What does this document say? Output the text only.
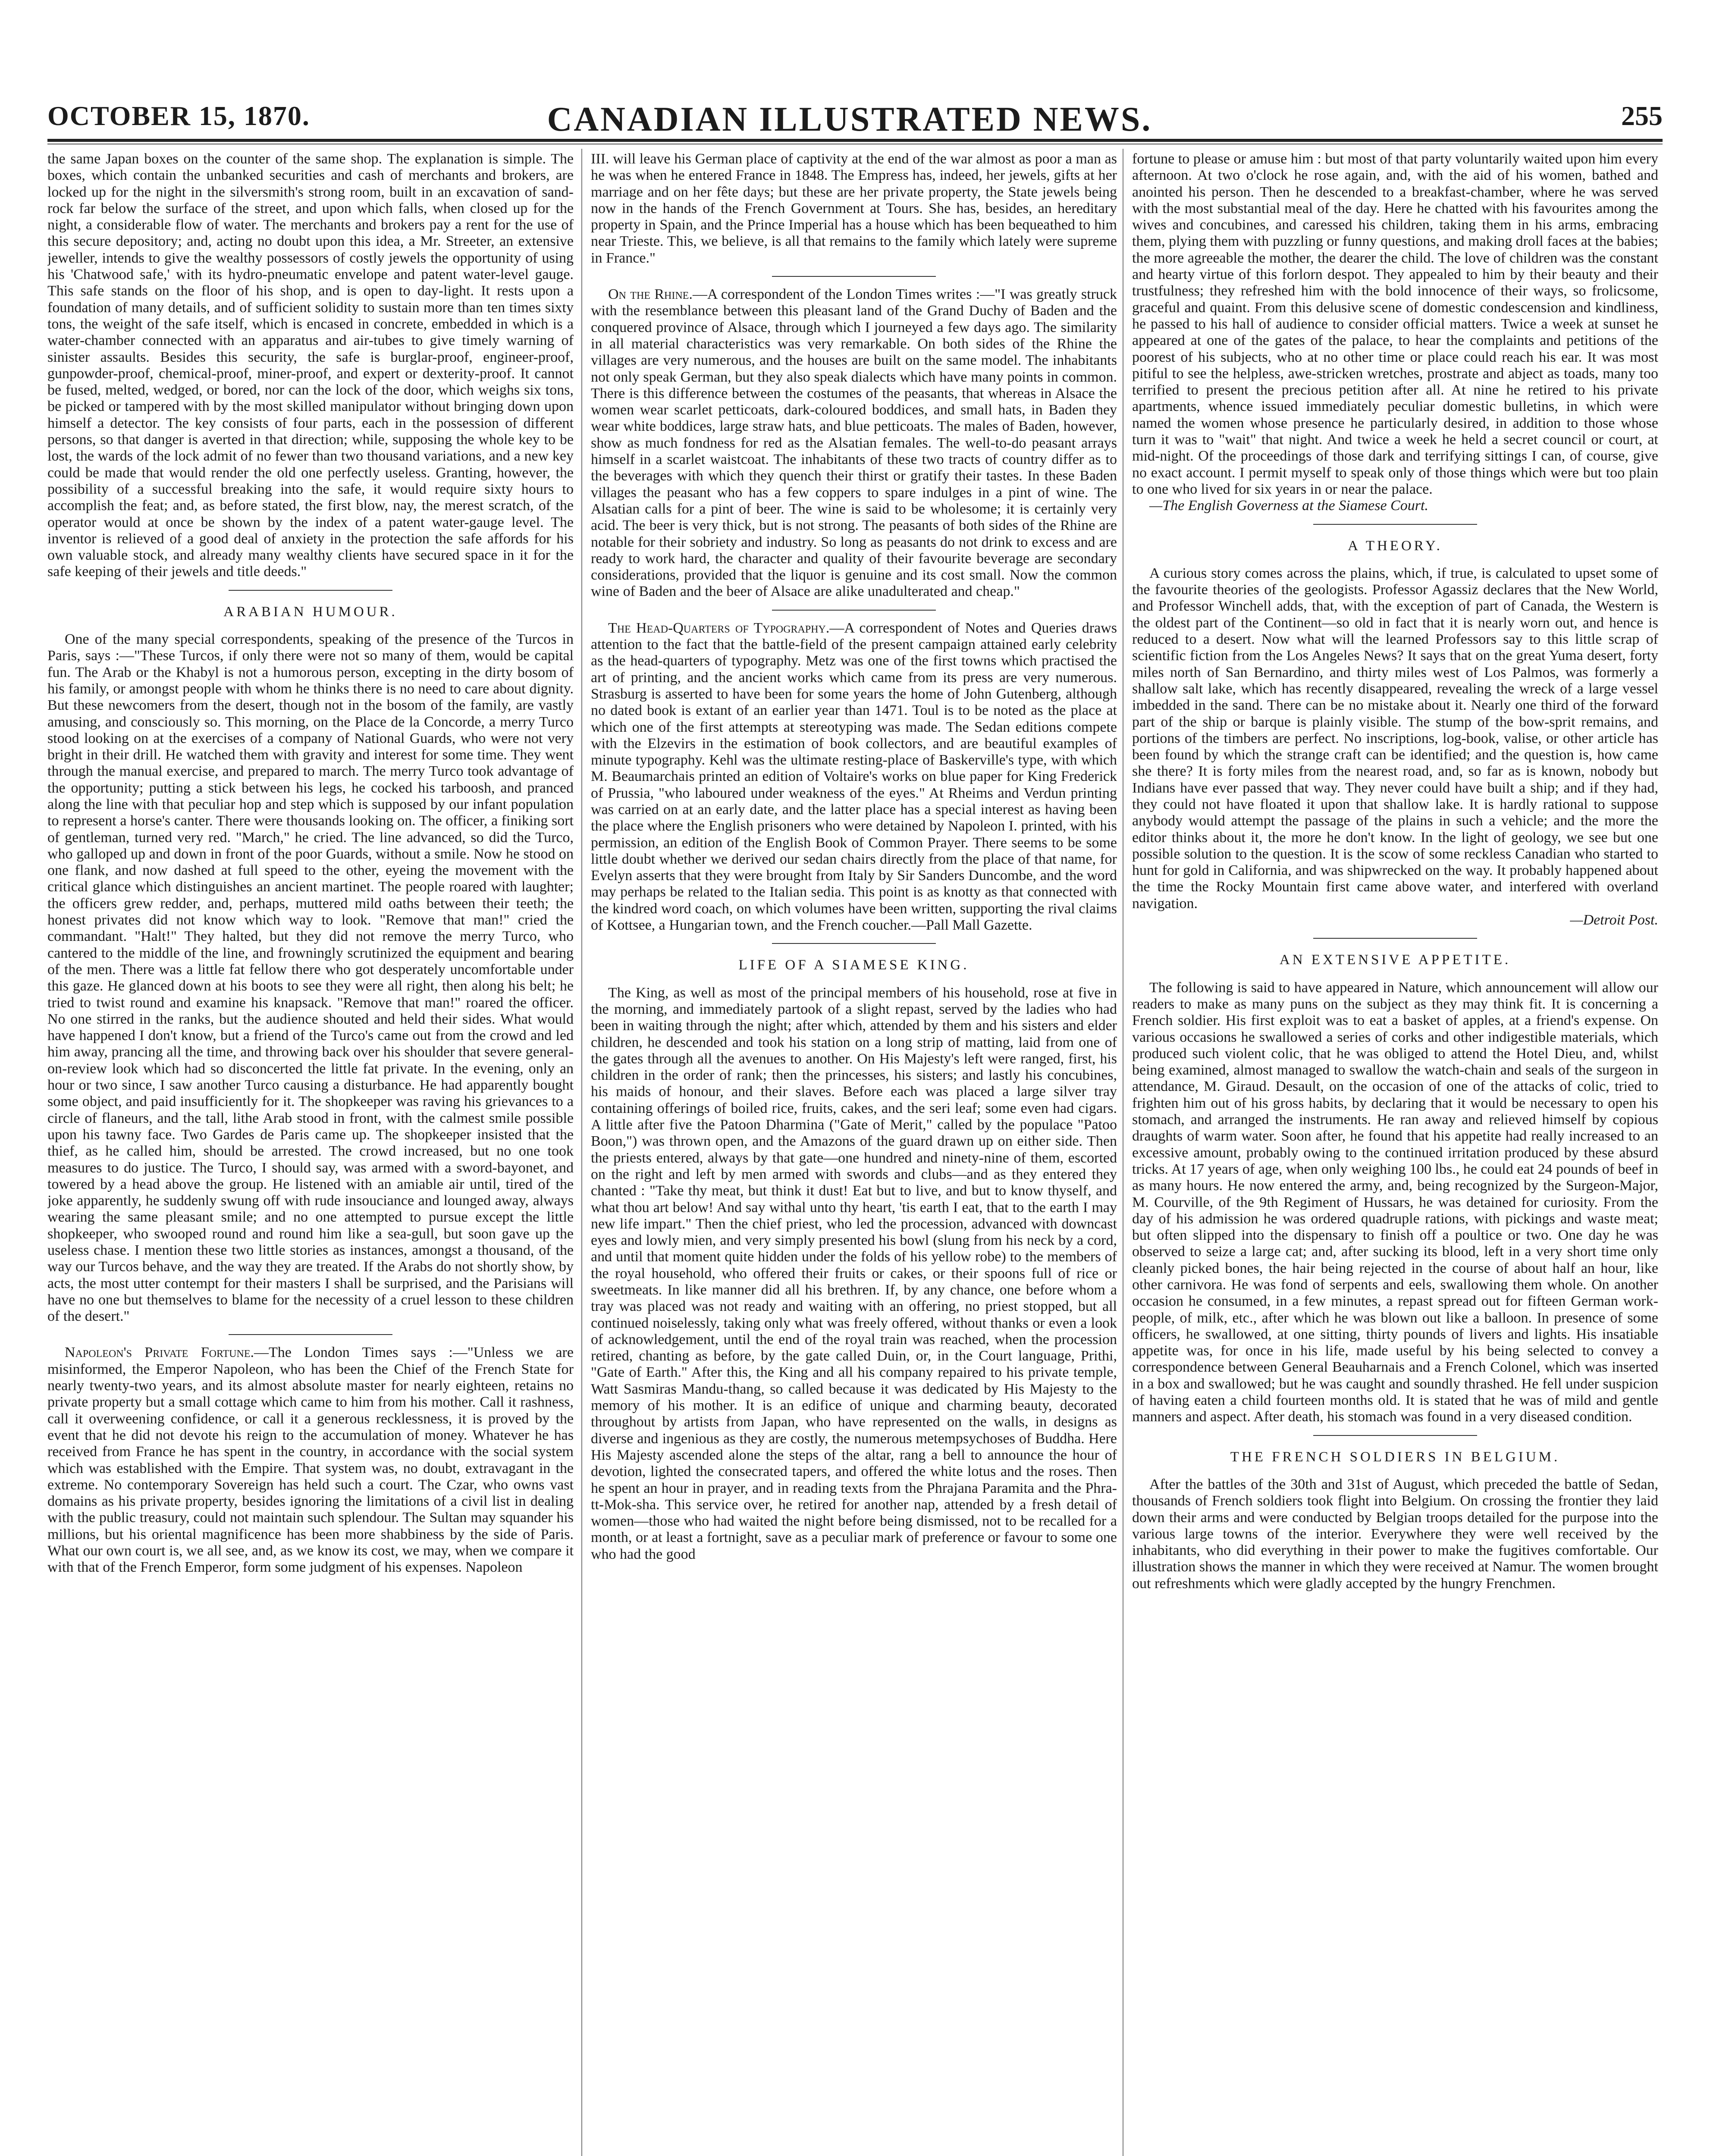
OCTOBER 15, 1870.	CANADIAN ILLUSTRATED NEWS.	255

the same Japan boxes on the counter of the same shop. The explanation is simple. The boxes, which contain the unbanked securities and cash of merchants and brokers, are locked up for the night in the silversmith's strong room, built in an excavation of sand-rock far below the surface of the street, and upon which falls, when closed up for the night, a considerable flow of water. The merchants and brokers pay a rent for the use of this secure depository; and, acting no doubt upon this idea, a Mr. Streeter, an extensive jeweller, intends to give the wealthy possessors of costly jewels the opportunity of using his 'Chatwood safe,' with its hydro-pneumatic envelope and patent water-level gauge. This safe stands on the floor of his shop, and is open to day-light. It rests upon a foundation of many details, and of sufficient solidity to sustain more than ten times sixty tons, the weight of the safe itself, which is encased in concrete, embedded in which is a water-chamber connected with an apparatus and air-tubes to give timely warning of sinister assaults. Besides this security, the safe is burglar-proof, engineer-proof, gunpowder-proof, chemical-proof, miner-proof, and expert or dexterity-proof. It cannot be fused, melted, wedged, or bored, nor can the lock of the door, which weighs six tons, be picked or tampered with by the most skilled manipulator without bringing down upon himself a detector. The key consists of four parts, each in the possession of different persons, so that danger is averted in that direction; while, supposing the whole key to be lost, the wards of the lock admit of no fewer than two thousand variations, and a new key could be made that would render the old one perfectly useless. Granting, however, the possibility of a successful breaking into the safe, it would require sixty hours to accomplish the feat; and, as before stated, the first blow, nay, the merest scratch, of the operator would at once be shown by the index of a patent water-gauge level. The inventor is relieved of a good deal of anxiety in the protection the safe affords for his own valuable stock, and already many wealthy clients have secured space in it for the safe keeping of their jewels and title deeds."

ARABIAN HUMOUR.

One of the many special correspondents, speaking of the presence of the Turcos in Paris, says :—"These Turcos, if only there were not so many of them, would be capital fun. The Arab or the Khabyl is not a humorous person, excepting in the dirty bosom of his family, or amongst people with whom he thinks there is no need to care about dignity. But these newcomers from the desert, though not in the bosom of the family, are vastly amusing, and consciously so. This morning, on the Place de la Concorde, a merry Turco stood looking on at the exercises of a company of National Guards, who were not very bright in their drill. He watched them with gravity and interest for some time. They went through the manual exercise, and prepared to march. The merry Turco took advantage of the opportunity; putting a stick between his legs, he cocked his tarboosh, and pranced along the line with that peculiar hop and step which is supposed by our infant population to represent a horse's canter. There were thousands looking on. The officer, a finiking sort of gentleman, turned very red. "March," he cried. The line advanced, so did the Turco, who galloped up and down in front of the poor Guards, without a smile. Now he stood on one flank, and now dashed at full speed to the other, eyeing the movement with the critical glance which distinguishes an ancient martinet. The people roared with laughter; the officers grew redder, and, perhaps, muttered mild oaths between their teeth; the honest privates did not know which way to look. "Remove that man!" cried the commandant. "Halt!" They halted, but they did not remove the merry Turco, who cantered to the middle of the line, and frowningly scrutinized the equipment and bearing of the men. There was a little fat fellow there who got desperately uncomfortable under this gaze. He glanced down at his boots to see they were all right, then along his belt; he tried to twist round and examine his knapsack. "Remove that man!" roared the officer. No one stirred in the ranks, but the audience shouted and held their sides. What would have happened I don't know, but a friend of the Turco's came out from the crowd and led him away, prancing all the time, and throwing back over his shoulder that severe general-on-review look which had so disconcerted the little fat private. In the evening, only an hour or two since, I saw another Turco causing a disturbance. He had apparently bought some object, and paid insufficiently for it. The shopkeeper was raving his grievances to a circle of flaneurs, and the tall, lithe Arab stood in front, with the calmest smile possible upon his tawny face. Two Gardes de Paris came up. The shopkeeper insisted that the thief, as he called him, should be arrested. The crowd increased, but no one took measures to do justice. The Turco, I should say, was armed with a sword-bayonet, and towered by a head above the group. He listened with an amiable air until, tired of the joke apparently, he suddenly swung off with rude insouciance and lounged away, always wearing the same pleasant smile; and no one attempted to pursue except the little shopkeeper, who swooped round and round him like a sea-gull, but soon gave up the useless chase. I mention these two little stories as instances, amongst a thousand, of the way our Turcos behave, and the way they are treated. If the Arabs do not shortly show, by acts, the most utter contempt for their masters I shall be surprised, and the Parisians will have no one but themselves to blame for the necessity of a cruel lesson to these children of the desert."

Napoleon's Private Fortune.—The London Times says :—"Unless we are misinformed, the Emperor Napoleon, who has been the Chief of the French State for nearly twenty-two years, and its almost absolute master for nearly eighteen, retains no private property but a small cottage which came to him from his mother. Call it rashness, call it overweening confidence, or call it a generous recklessness, it is proved by the event that he did not devote his reign to the accumulation of money. Whatever he has received from France he has spent in the country, in accordance with the social system which was established with the Empire. That system was, no doubt, extravagant in the extreme. No contemporary Sovereign has held such a court. The Czar, who owns vast domains as his private property, besides ignoring the limitations of a civil list in dealing with the public treasury, could not maintain such splendour. The Sultan may squander his millions, but his oriental magnificence has been more shabbiness by the side of Paris. What our own court is, we all see, and, as we know its cost, we may, when we compare it with that of the French Emperor, form some judgment of his expenses. Napoleon

III. will leave his German place of captivity at the end of the war almost as poor a man as he was when he entered France in 1848. The Empress has, indeed, her jewels, gifts at her marriage and on her fête days; but these are her private property, the State jewels being now in the hands of the French Government at Tours. She has, besides, an hereditary property in Spain, and the Prince Imperial has a house which has been bequeathed to him near Trieste. This, we believe, is all that remains to the family which lately were supreme in France."

On the Rhine.—A correspondent of the London Times writes :—"I was greatly struck with the resemblance between this pleasant land of the Grand Duchy of Baden and the conquered province of Alsace, through which I journeyed a few days ago. The similarity in all material characteristics was very remarkable. On both sides of the Rhine the villages are very numerous, and the houses are built on the same model. The inhabitants not only speak German, but they also speak dialects which have many points in common. There is this difference between the costumes of the peasants, that whereas in Alsace the women wear scarlet petticoats, dark-coloured boddices, and small hats, in Baden they wear white boddices, large straw hats, and blue petticoats. The males of Baden, however, show as much fondness for red as the Alsatian females. The well-to-do peasant arrays himself in a scarlet waistcoat. The inhabitants of these two tracts of country differ as to the beverages with which they quench their thirst or gratify their tastes. In these Baden villages the peasant who has a few coppers to spare indulges in a pint of wine. The Alsatian calls for a pint of beer. The wine is said to be wholesome; it is certainly very acid. The beer is very thick, but is not strong. The peasants of both sides of the Rhine are notable for their sobriety and industry. So long as peasants do not drink to excess and are ready to work hard, the character and quality of their favourite beverage are secondary considerations, provided that the liquor is genuine and its cost small. Now the common wine of Baden and the beer of Alsace are alike unadulterated and cheap."

The Head-Quarters of Typography.—A correspondent of Notes and Queries draws attention to the fact that the battle-field of the present campaign attained early celebrity as the head-quarters of typography. Metz was one of the first towns which practised the art of printing, and the ancient works which came from its press are very numerous. Strasburg is asserted to have been for some years the home of John Gutenberg, although no dated book is extant of an earlier year than 1471. Toul is to be noted as the place at which one of the first attempts at stereotyping was made. The Sedan editions compete with the Elzevirs in the estimation of book collectors, and are beautiful examples of minute typography. Kehl was the ultimate resting-place of Baskerville's type, with which M. Beaumarchais printed an edition of Voltaire's works on blue paper for King Frederick of Prussia, "who laboured under weakness of the eyes." At Rheims and Verdun printing was carried on at an early date, and the latter place has a special interest as having been the place where the English prisoners who were detained by Napoleon I. printed, with his permission, an edition of the English Book of Common Prayer. There seems to be some little doubt whether we derived our sedan chairs directly from the place of that name, for Evelyn asserts that they were brought from Italy by Sir Sanders Duncombe, and the word may perhaps be related to the Italian sedia. This point is as knotty as that connected with the kindred word coach, on which volumes have been written, supporting the rival claims of Kottsee, a Hungarian town, and the French coucher.—Pall Mall Gazette.

LIFE OF A SIAMESE KING.

The King, as well as most of the principal members of his household, rose at five in the morning, and immediately partook of a slight repast, served by the ladies who had been in waiting through the night; after which, attended by them and his sisters and elder children, he descended and took his station on a long strip of matting, laid from one of the gates through all the avenues to another. On His Majesty's left were ranged, first, his children in the order of rank; then the princesses, his sisters; and lastly his concubines, his maids of honour, and their slaves. Before each was placed a large silver tray containing offerings of boiled rice, fruits, cakes, and the seri leaf; some even had cigars. A little after five the Patoon Dharmina ("Gate of Merit," called by the populace "Patoo Boon,") was thrown open, and the Amazons of the guard drawn up on either side. Then the priests entered, always by that gate—one hundred and ninety-nine of them, escorted on the right and left by men armed with swords and clubs—and as they entered they chanted : "Take thy meat, but think it dust! Eat but to live, and but to know thyself, and what thou art below! And say withal unto thy heart, 'tis earth I eat, that to the earth I may new life impart." Then the chief priest, who led the procession, advanced with downcast eyes and lowly mien, and very simply presented his bowl (slung from his neck by a cord, and until that moment quite hidden under the folds of his yellow robe) to the members of the royal household, who offered their fruits or cakes, or their spoons full of rice or sweetmeats. In like manner did all his brethren. If, by any chance, one before whom a tray was placed was not ready and waiting with an offering, no priest stopped, but all continued noiselessly, taking only what was freely offered, without thanks or even a look of acknowledgement, until the end of the royal train was reached, when the procession retired, chanting as before, by the gate called Duin, or, in the Court language, Prithi, "Gate of Earth." After this, the King and all his company repaired to his private temple, Watt Sasmiras Mandu-thang, so called because it was dedicated by His Majesty to the memory of his mother. It is an edifice of unique and charming beauty, decorated throughout by artists from Japan, who have represented on the walls, in designs as diverse and ingenious as they are costly, the numerous metempsychoses of Buddha. Here His Majesty ascended alone the steps of the altar, rang a bell to announce the hour of devotion, lighted the consecrated tapers, and offered the white lotus and the roses. Then he spent an hour in prayer, and in reading texts from the Phrajana Paramita and the Phra-tt-Mok-sha. This service over, he retired for another nap, attended by a fresh detail of women—those who had waited the night before being dismissed, not to be recalled for a month, or at least a fortnight, save as a peculiar mark of preference or favour to some one who had the good

fortune to please or amuse him : but most of that party voluntarily waited upon him every afternoon. At two o'clock he rose again, and, with the aid of his women, bathed and anointed his person. Then he descended to a breakfast-chamber, where he was served with the most substantial meal of the day. Here he chatted with his favourites among the wives and concubines, and caressed his children, taking them in his arms, embracing them, plying them with puzzling or funny questions, and making droll faces at the babies; the more agreeable the mother, the dearer the child. The love of children was the constant and hearty virtue of this forlorn despot. They appealed to him by their beauty and their trustfulness; they refreshed him with the bold innocence of their ways, so frolicsome, graceful and quaint. From this delusive scene of domestic condescension and kindliness, he passed to his hall of audience to consider official matters. Twice a week at sunset he appeared at one of the gates of the palace, to hear the complaints and petitions of the poorest of his subjects, who at no other time or place could reach his ear. It was most pitiful to see the helpless, awe-stricken wretches, prostrate and abject as toads, many too terrified to present the precious petition after all. At nine he retired to his private apartments, whence issued immediately peculiar domestic bulletins, in which were named the women whose presence he particularly desired, in addition to those whose turn it was to "wait" that night. And twice a week he held a secret council or court, at mid-night. Of the proceedings of those dark and terrifying sittings I can, of course, give no exact account. I permit myself to speak only of those things which were but too plain to one who lived for six years in or near the palace.

—The English Governess at the Siamese Court.

A THEORY.

A curious story comes across the plains, which, if true, is calculated to upset some of the favourite theories of the geologists. Professor Agassiz declares that the New World, and Professor Winchell adds, that, with the exception of part of Canada, the Western is the oldest part of the Continent—so old in fact that it is nearly worn out, and hence is reduced to a desert. Now what will the learned Professors say to this little scrap of scientific fiction from the Los Angeles News? It says that on the great Yuma desert, forty miles north of San Bernardino, and thirty miles west of Los Palmos, was formerly a shallow salt lake, which has recently disappeared, revealing the wreck of a large vessel imbedded in the sand. There can be no mistake about it. Nearly one third of the forward part of the ship or barque is plainly visible. The stump of the bow-sprit remains, and portions of the timbers are perfect. No inscriptions, log-book, valise, or other article has been found by which the strange craft can be identified; and the question is, how came she there? It is forty miles from the nearest road, and, so far as is known, nobody but Indians have ever passed that way. They never could have built a ship; and if they had, they could not have floated it upon that shallow lake. It is hardly rational to suppose anybody would attempt the passage of the plains in such a vehicle; and the more the editor thinks about it, the more he don't know. In the light of geology, we see but one possible solution to the question. It is the scow of some reckless Canadian who started to hunt for gold in California, and was shipwrecked on the way. It probably happened about the time the Rocky Mountain first came above water, and interfered with overland navigation.

—Detroit Post.

AN EXTENSIVE APPETITE.

The following is said to have appeared in Nature, which announcement will allow our readers to make as many puns on the subject as they may think fit. It is concerning a French soldier. His first exploit was to eat a basket of apples, at a friend's expense. On various occasions he swallowed a series of corks and other indigestible materials, which produced such violent colic, that he was obliged to attend the Hotel Dieu, and, whilst being examined, almost managed to swallow the watch-chain and seals of the surgeon in attendance, M. Giraud. Desault, on the occasion of one of the attacks of colic, tried to frighten him out of his gross habits, by declaring that it would be necessary to open his stomach, and arranged the instruments. He ran away and relieved himself by copious draughts of warm water. Soon after, he found that his appetite had really increased to an excessive amount, probably owing to the continued irritation produced by these absurd tricks. At 17 years of age, when only weighing 100 lbs., he could eat 24 pounds of beef in as many hours. He now entered the army, and, being recognized by the Surgeon-Major, M. Courville, of the 9th Regiment of Hussars, he was detained for curiosity. From the day of his admission he was ordered quadruple rations, with pickings and waste meat; but often slipped into the dispensary to finish off a poultice or two. One day he was observed to seize a large cat; and, after sucking its blood, left in a very short time only cleanly picked bones, the hair being rejected in the course of about half an hour, like other carnivora. He was fond of serpents and eels, swallowing them whole. On another occasion he consumed, in a few minutes, a repast spread out for fifteen German work-people, of milk, etc., after which he was blown out like a balloon. In presence of some officers, he swallowed, at one sitting, thirty pounds of livers and lights. His insatiable appetite was, for once in his life, made useful by his being selected to convey a correspondence between General Beauharnais and a French Colonel, which was inserted in a box and swallowed; but he was caught and soundly thrashed. He fell under suspicion of having eaten a child fourteen months old. It is stated that he was of mild and gentle manners and aspect. After death, his stomach was found in a very diseased condition.

THE FRENCH SOLDIERS IN BELGIUM.

After the battles of the 30th and 31st of August, which preceded the battle of Sedan, thousands of French soldiers took flight into Belgium. On crossing the frontier they laid down their arms and were conducted by Belgian troops detailed for the purpose into the various large towns of the interior. Everywhere they were well received by the inhabitants, who did everything in their power to make the fugitives comfortable. Our illustration shows the manner in which they were received at Namur. The women brought out refreshments which were gladly accepted by the hungry Frenchmen.
